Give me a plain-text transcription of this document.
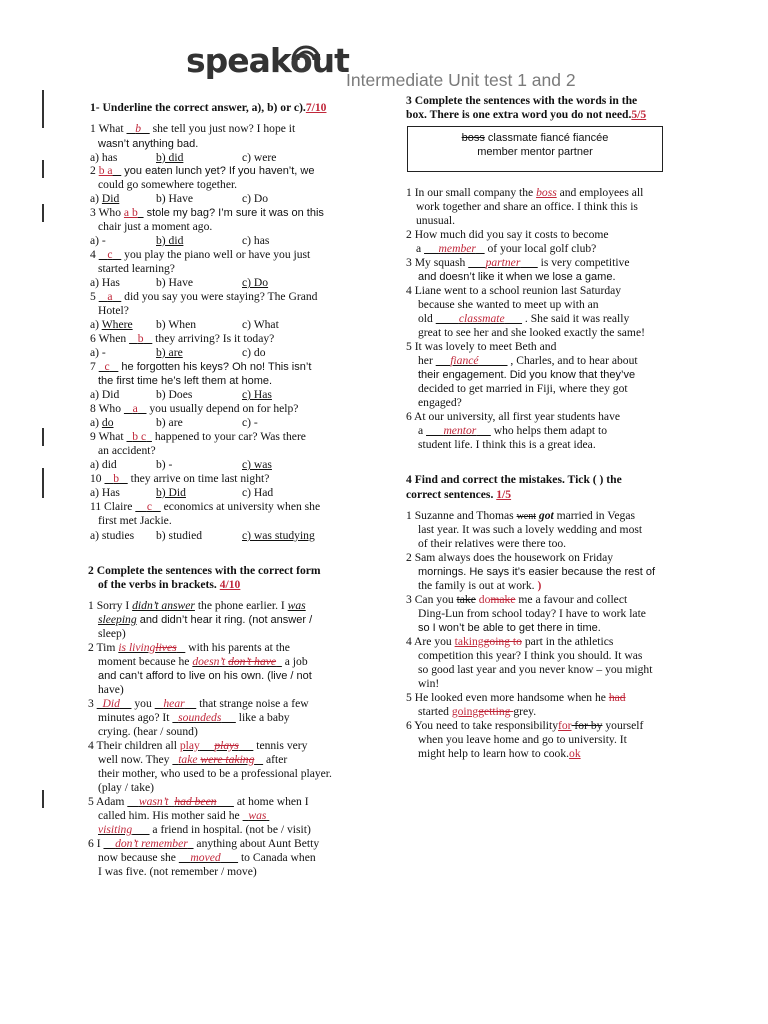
speakout
Intermediate Unit test 1 and 2
1- Underline the correct answer, a), b) or c).7/10
1 What    b    she tell you just now? I hope it
wasn’t anything bad.
a) has	b) did	c) were
2 b a    you eaten lunch yet? If you haven’t, we
could go somewhere together.
a) Did	b) Have	c) Do
3 Who a b   stole my bag? I’m sure it was on this
chair just a moment ago.
a) -	b) did	c) has
4    c    you play the piano well or have you just
started learning?
a) Has	b) Have	c) Do
5    a    did you say you were staying? The Grand
Hotel?
a) Where b) When	c) What
6 When    b    they arriving? Is it today?
a) -	b) are	c) do
7   c    he forgotten his keys? Oh no! This isn’t
the first time he’s left them at home.
a) Did	b) Does	c) Has
8 Who    a    you usually depend on for help?
a) do	b) are	c) -
9 What   b c   happened to your car? Was there
an accident?
a) did	b) -	c) was
10    b    they arrive on time last night?
a) Has	b) Did	c) Had
11 Claire     c    economics at university when she
first met Jackie.
a) studies b) studied	c) was studying
2 Complete the sentences with the correct form
of the verbs in brackets. 4/10
1 Sorry I didn’t answer the phone earlier. I was
sleeping and didn’t hear it ring. (not answer /
sleep)
2 Tim is livinglives    with his parents at the
moment because he doesn’t don’t have   a job
and can’t afford to live on his own. (live / not
have)
3   Did     you    hear     that strange noise a few
minutes ago? It   soundeds      like a baby
crying. (hear / sound)
4 Their children all play plays      tennis very
well now. They   take were taking    after
their mother, who used to be a professional player.
(play / take)
5 Adam     wasn’t  had been       at home when I
called him. His mother said he   was
visiting       a friend in hospital. (not be / visit)
6 I     don’t remember   anything about Aunt Betty
now because she     moved       to Canada when
I was five. (not remember / move)
3 Complete the sentences with the words in the
box. There is one extra word you do not need.5/5
boss classmate fiancé fiancée
member mentor partner
1 In our small company the boss and employees all
work together and share an office. I think this is
unusual.
2 How much did you say it costs to become
a      member    of your local golf club?
3 My squash       partner       is very competitive
and doesn’t like it when we lose a game.
4 Liane went to a school reunion last Saturday
because she wanted to meet up with an
old         classmate       . She said it was really
great to see her and she looked exactly the same!
5 It was lovely to meet Beth and
her      fiancé           , Charles, and to hear about
their engagement. Did you know that they’ve
decided to get married in Fiji, where they got
engaged?
6 At our university, all first year students have
a       mentor      who helps them adapt to
student life. I think this is a great idea.
4 Find and correct the mistakes. Tick ( ) the
correct sentences. 1/5
1 Suzanne and Thomas went got married in Vegas
last year. It was such a lovely wedding and most
of their relatives were there too.
2 Sam always does the housework on Friday
mornings. He says it’s easier because the rest of
the family is out at work. )
3 Can you take domake me a favour and collect
Ding-Lun from school today? I have to work late
so I won’t be able to get there in time.
4 Are you takinggoing to part in the athletics
competition this year? I think you should. It was
so good last year and you never know – you might
win!
5 He looked even more handsome when he had
started goinggetting grey.
6 You need to take responsibilityfor for by yourself
when you leave home and go to university. It
might help to learn how to cook.ok
